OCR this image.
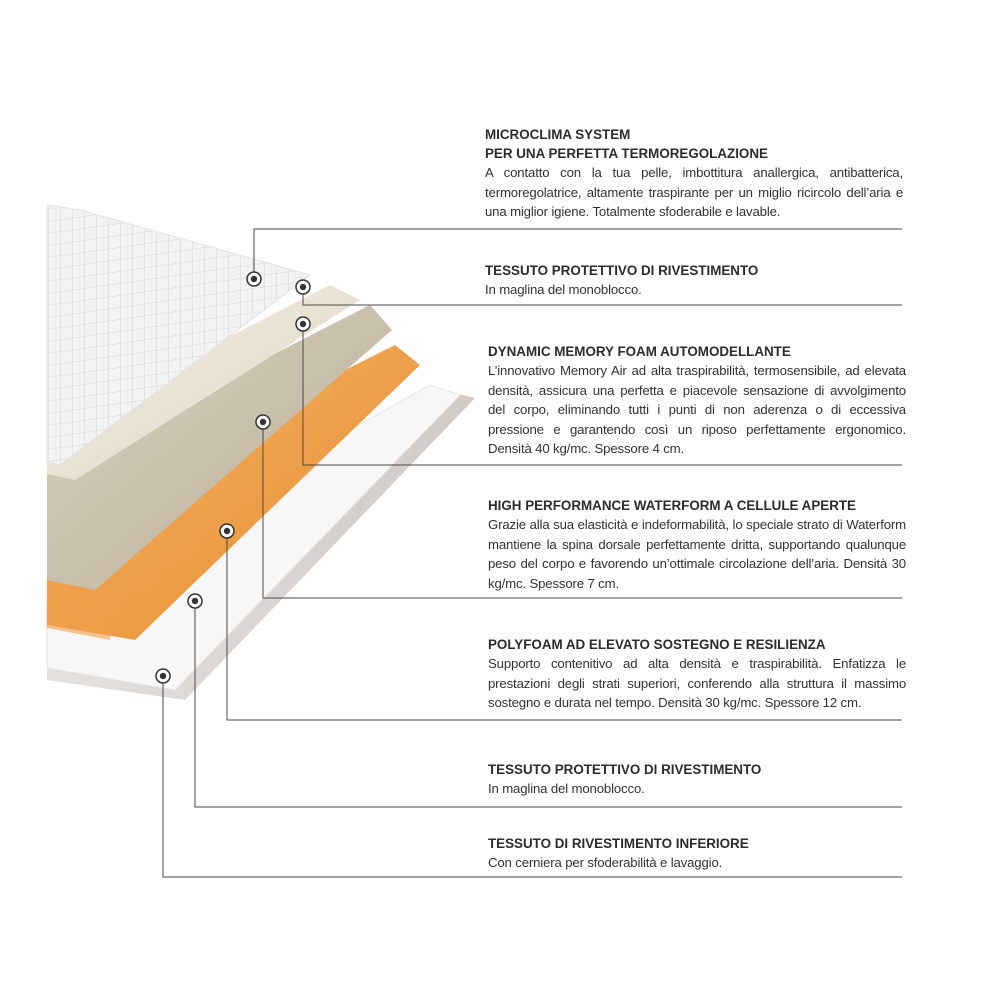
MICROCLIMA SYSTEM
PER UNA PERFETTA TERMOREGOLAZIONE
A contatto con la tua pelle, imbottitura anallergica, antibatterica, termoregolatrice, altamente traspirante per un miglio ricircolo dell’aria e una miglior igiene. Totalmente sfoderabile e lavable.
TESSUTO PROTETTIVO DI RIVESTIMENTO
In maglina del monoblocco.
DYNAMIC MEMORY FOAM AUTOMODELLANTE
L’innovativo Memory Air ad alta traspirabilità, termosensibile, ad elevata densità, assicura una perfetta e piacevole sensazione di avvolgimento del corpo, eliminando tutti i punti di non aderenza o di eccessiva pressione e garantendo così un riposo perfettamente ergonomico. Densità 40 kg/mc. Spessore 4 cm.
HIGH PERFORMANCE WATERFORM A CELLULE APERTE
Grazie alla sua elasticità e indeformabilità, lo speciale strato di Waterform mantiene la spina dorsale perfettamente dritta, supportando qualunque peso del corpo e favorendo un’ottimale circolazione dell’aria. Densità 30 kg/mc. Spessore 7 cm.
POLYFOAM AD ELEVATO SOSTEGNO E RESILIENZA
Supporto contenitivo ad alta densità e traspirabilità. Enfatizza le prestazioni degli strati superiori, conferendo alla struttura il massimo sostegno e durata nel tempo. Densità 30 kg/mc. Spessore 12 cm.
TESSUTO PROTETTIVO DI RIVESTIMENTO
In maglina del monoblocco.
TESSUTO DI RIVESTIMENTO INFERIORE
Con cerniera per sfoderabilità e lavaggio.
